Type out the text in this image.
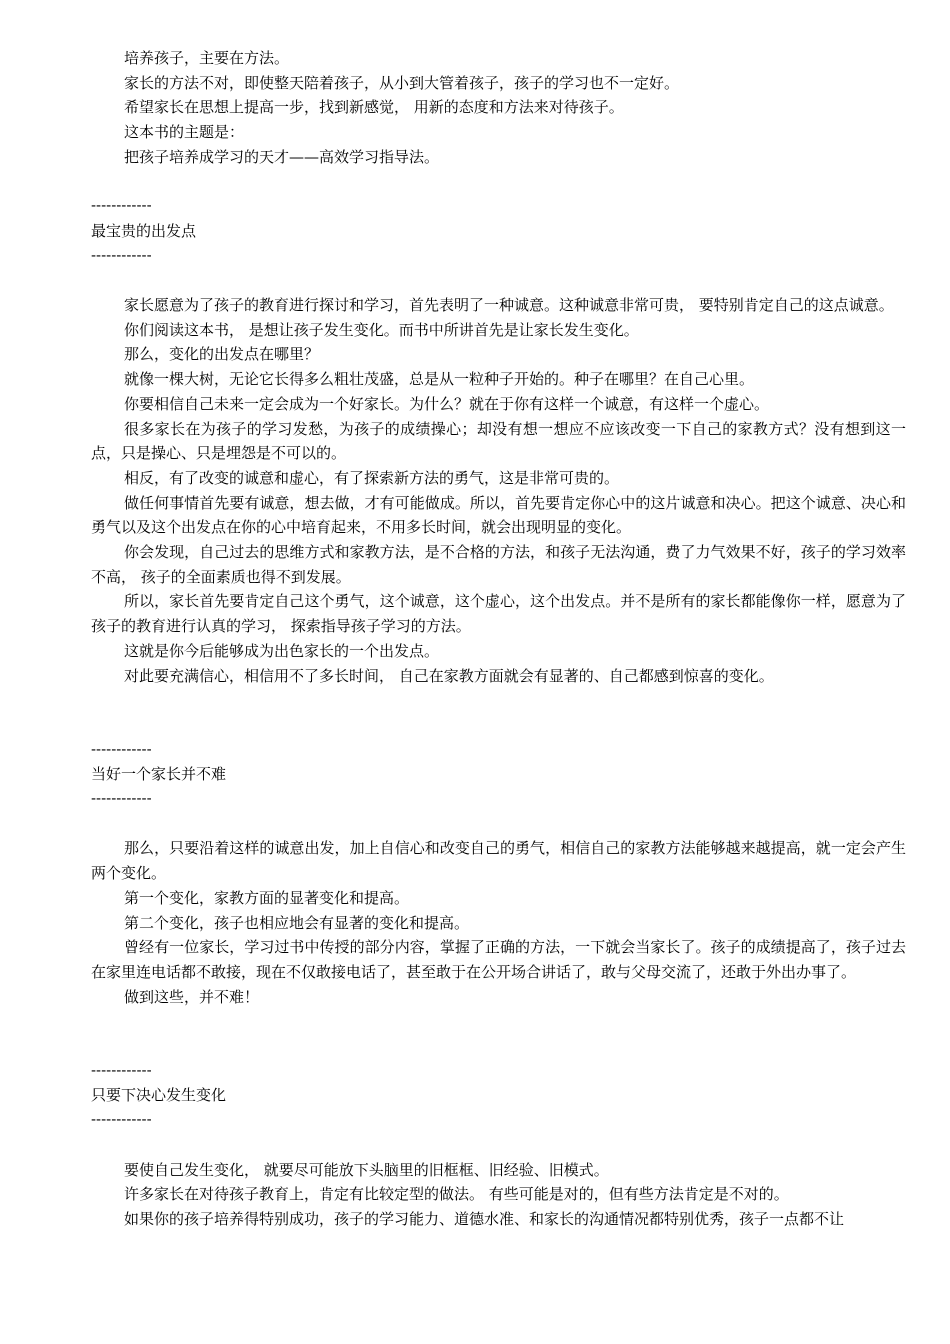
培养孩子，主要在方法。

家长的方法不对，即使整天陪着孩子，从小到大管着孩子，孩子的学习也不一定好。

希望家长在思想上提高一步，找到新感觉， 用新的态度和方法来对待孩子。

这本书的主题是：

把孩子培养成学习的天才——高效学习指导法。

------------

最宝贵的出发点

------------

家长愿意为了孩子的教育进行探讨和学习，首先表明了一种诚意。这种诚意非常可贵， 要特别肯定自己的这点诚意。

你们阅读这本书， 是想让孩子发生变化。而书中所讲首先是让家长发生变化。

那么，变化的出发点在哪里？

就像一棵大树，无论它长得多么粗壮茂盛，总是从一粒种子开始的。种子在哪里？在自己心里。

你要相信自己未来一定会成为一个好家长。为什么？就在于你有这样一个诚意，有这样一个虚心。

很多家长在为孩子的学习发愁，为孩子的成绩操心；却没有想一想应不应该改变一下自己的家教方式？没有想到这一点，只是操心、只是埋怨是不可以的。

相反，有了改变的诚意和虚心，有了探索新方法的勇气，这是非常可贵的。

做任何事情首先要有诚意，想去做，才有可能做成。所以，首先要肯定你心中的这片诚意和决心。把这个诚意、决心和勇气以及这个出发点在你的心中培育起来，不用多长时间，就会出现明显的变化。

你会发现，自己过去的思维方式和家教方法，是不合格的方法，和孩子无法沟通，费了力气效果不好，孩子的学习效率不高， 孩子的全面素质也得不到发展。

所以，家长首先要肯定自己这个勇气，这个诚意，这个虚心，这个出发点。并不是所有的家长都能像你一样，愿意为了孩子的教育进行认真的学习， 探索指导孩子学习的方法。

这就是你今后能够成为出色家长的一个出发点。

对此要充满信心，相信用不了多长时间， 自己在家教方面就会有显著的、自己都感到惊喜的变化。

------------

当好一个家长并不难

------------

那么，只要沿着这样的诚意出发，加上自信心和改变自己的勇气，相信自己的家教方法能够越来越提高，就一定会产生两个变化。

第一个变化，家教方面的显著变化和提高。

第二个变化，孩子也相应地会有显著的变化和提高。

曾经有一位家长，学习过书中传授的部分内容，掌握了正确的方法，一下就会当家长了。孩子的成绩提高了，孩子过去在家里连电话都不敢接，现在不仅敢接电话了，甚至敢于在公开场合讲话了，敢与父母交流了，还敢于外出办事了。

做到这些，并不难！

------------

只要下决心发生变化

------------

要使自己发生变化， 就要尽可能放下头脑里的旧框框、旧经验、旧模式。

许多家长在对待孩子教育上，肯定有比较定型的做法。 有些可能是对的，但有些方法肯定是不对的。

如果你的孩子培养得特别成功，孩子的学习能力、道德水准、和家长的沟通情况都特别优秀，孩子一点都不让
